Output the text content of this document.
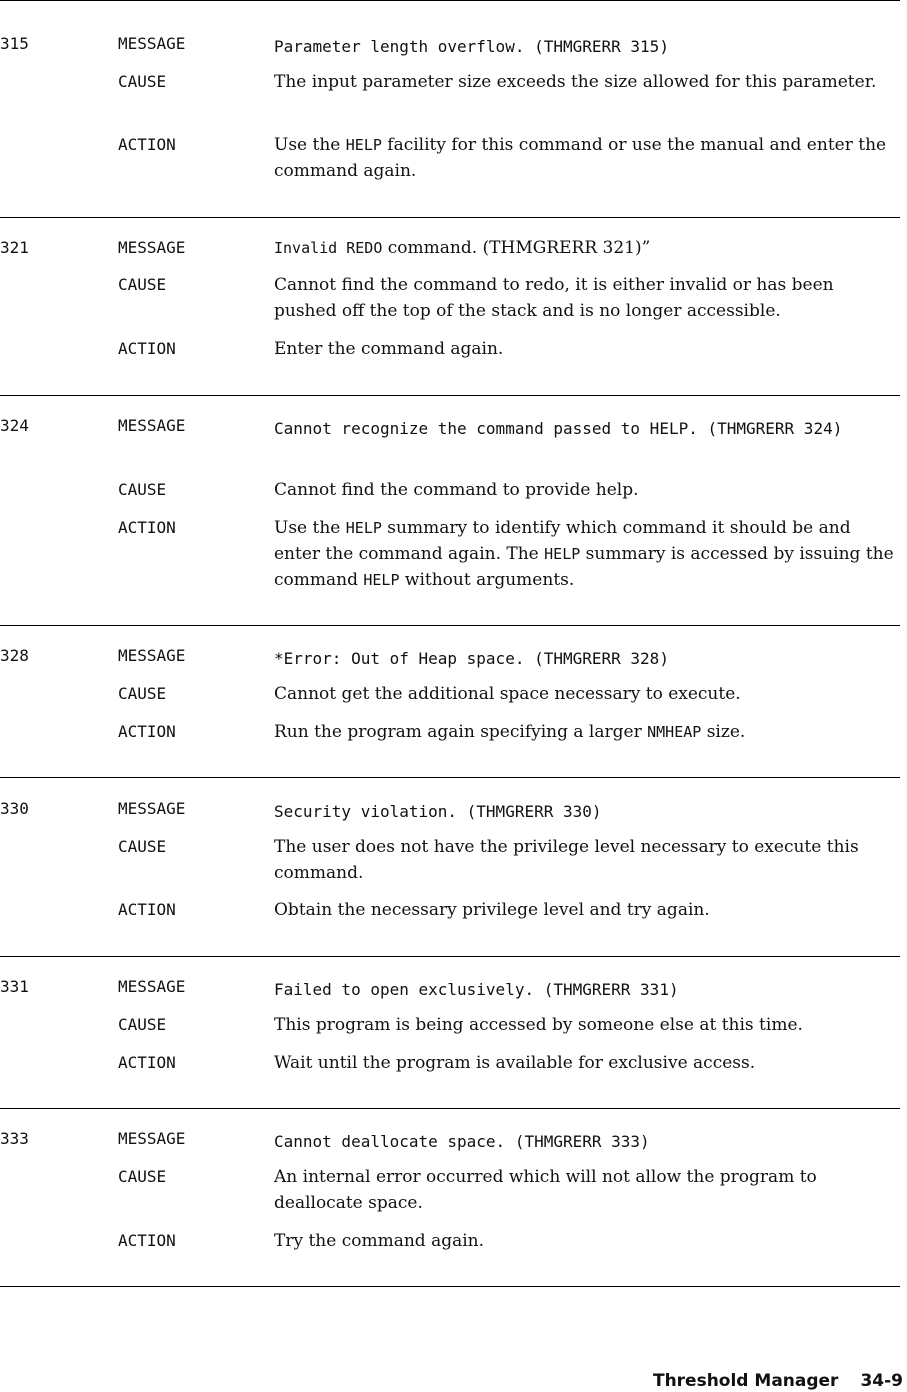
315	MESSAGE	Parameter length overflow. (THMGRERR 315)
CAUSE	The input parameter size exceeds the size allowed for this parameter.
ACTION	Use the HELP facility for this command or use the manual and enter the command again.
321	MESSAGE	Invalid REDO command. (THMGRERR 321)”
CAUSE	Cannot find the command to redo, it is either invalid or has been pushed off the top of the stack and is no longer accessible.
ACTION	Enter the command again.
324	MESSAGE	Cannot recognize the command passed to HELP. (THMGRERR 324)
CAUSE	Cannot find the command to provide help.
ACTION	Use the HELP summary to identify which command it should be and enter the command again. The HELP summary is accessed by issuing the command HELP without arguments.
328	MESSAGE	*Error: Out of Heap space. (THMGRERR 328)
CAUSE	Cannot get the additional space necessary to execute.
ACTION	Run the program again specifying a larger NMHEAP size.
330	MESSAGE	Security violation. (THMGRERR 330)
CAUSE	The user does not have the privilege level necessary to execute this command.
ACTION	Obtain the necessary privilege level and try again.
331	MESSAGE	Failed to open exclusively. (THMGRERR 331)
CAUSE	This program is being accessed by someone else at this time.
ACTION	Wait until the program is available for exclusive access.
333	MESSAGE	Cannot deallocate space. (THMGRERR 333)
CAUSE	An internal error occurred which will not allow the program to deallocate space.
ACTION	Try the command again.
Threshold Manager 34-9
